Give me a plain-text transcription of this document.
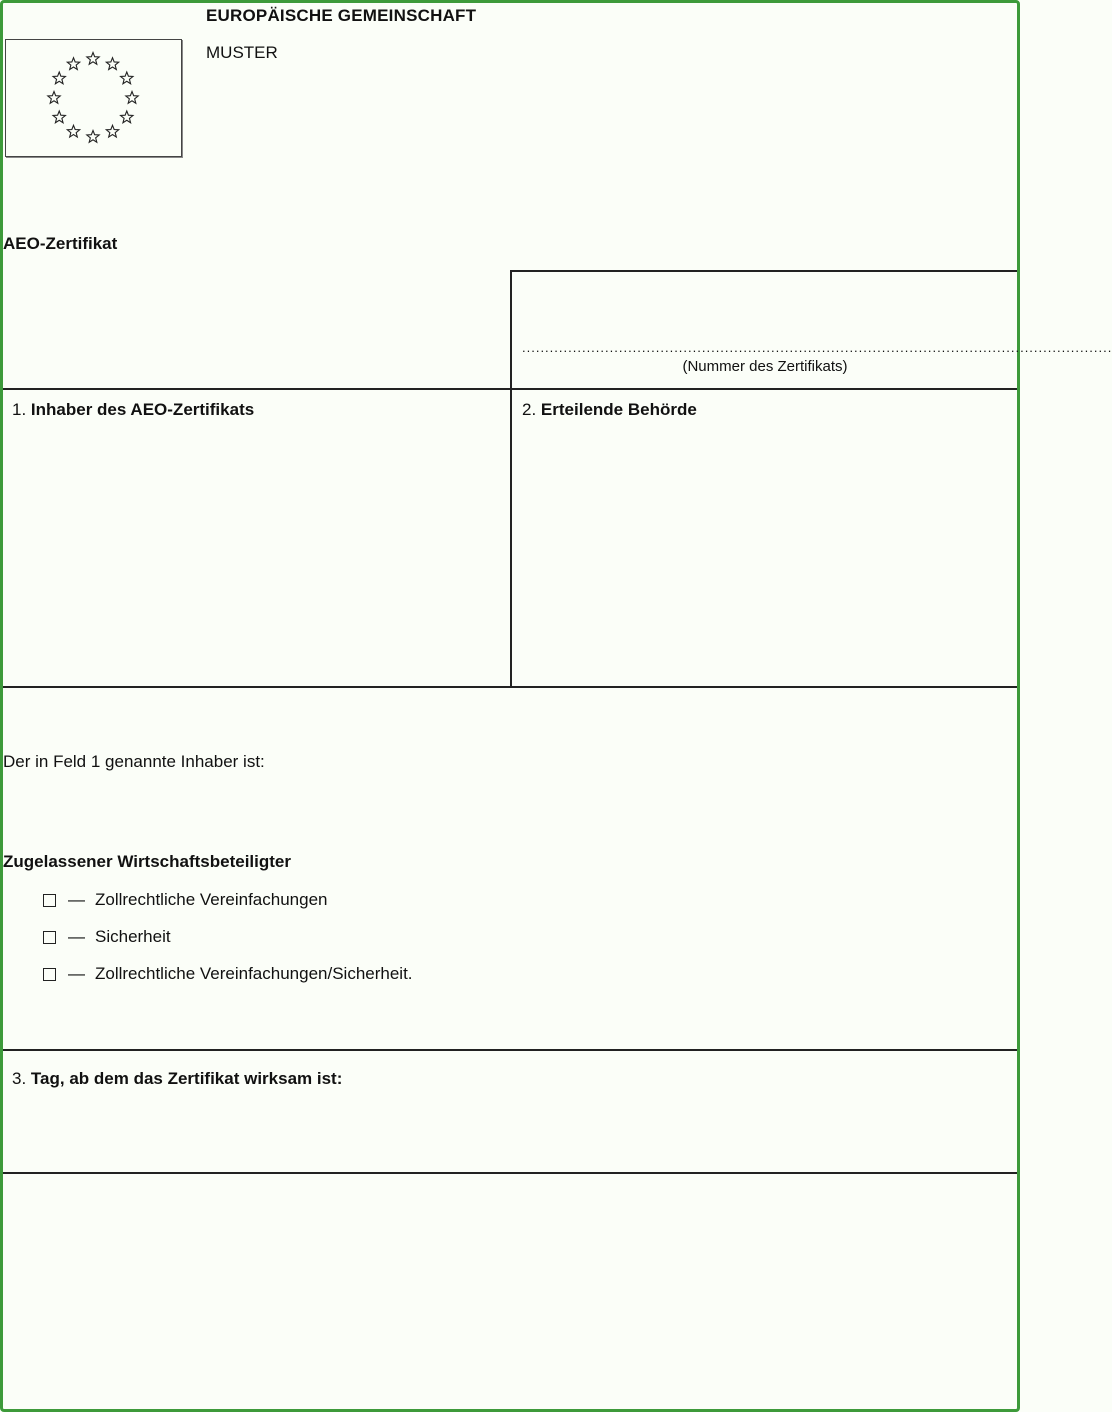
EUROPÄISCHE GEMEINSCHAFT
MUSTER
AEO-Zertifikat
................................................................................................................................
(Nummer des Zertifikats)
1. Inhaber des AEO-Zertifikats	2. Erteilende Behörde
Der in Feld 1 genannte Inhaber ist:
Zugelassener Wirtschaftsbeteiligter
— Zollrechtliche Vereinfachungen
— Sicherheit
— Zollrechtliche Vereinfachungen/Sicherheit.
3. Tag, ab dem das Zertifikat wirksam ist:
